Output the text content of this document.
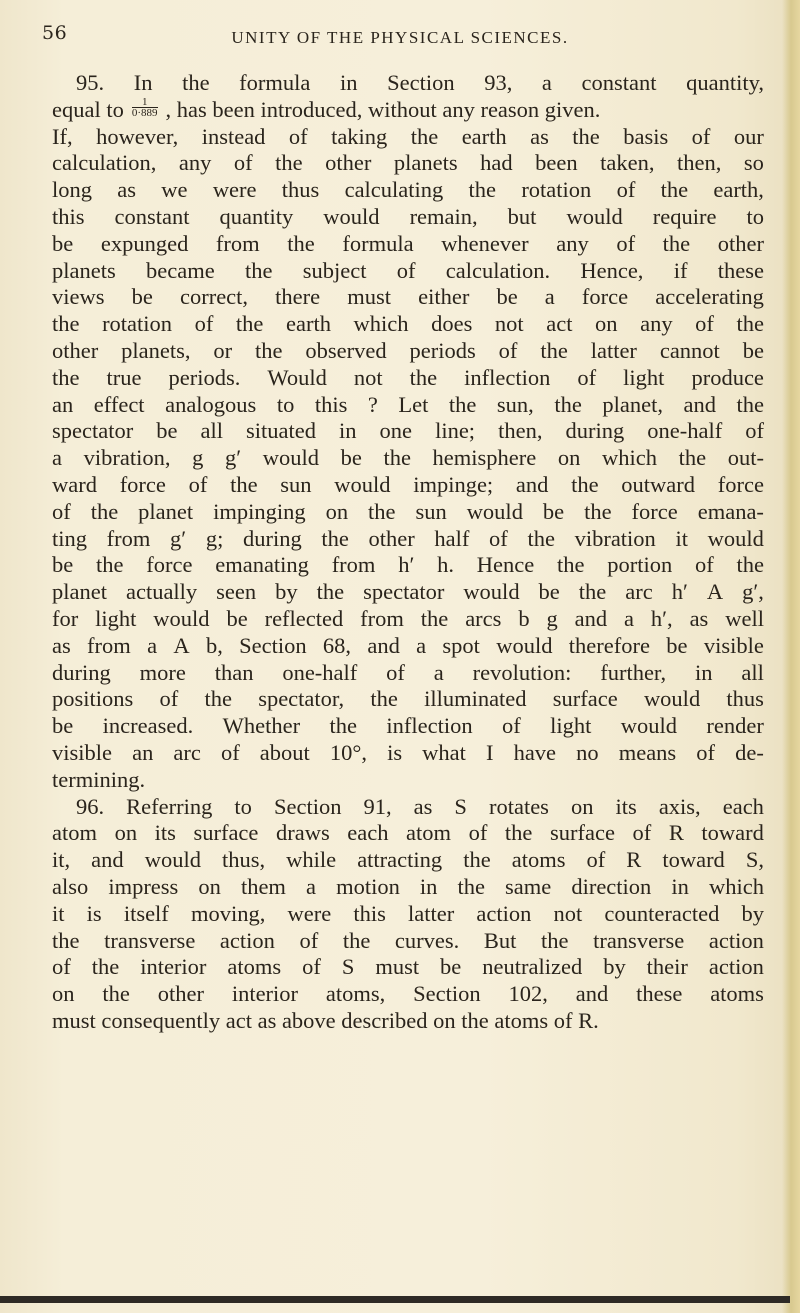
56	UNITY OF THE PHYSICAL SCIENCES.
95. In the formula in Section 93, a constant quantity,
equal to $\frac{1}{0\cdot 889}$ , has been introduced, without any reason given.
If, however, instead of taking the earth as the basis of our
calculation, any of the other planets had been taken, then, so
long as we were thus calculating the rotation of the earth,
this constant quantity would remain, but would require to
be expunged from the formula whenever any of the other
planets became the subject of calculation. Hence, if these
views be correct, there must either be a force accelerating
the rotation of the earth which does not act on any of the
other planets, or the observed periods of the latter cannot be
the true periods. Would not the inflection of light produce
an effect analogous to this ? Let the sun, the planet, and the
spectator be all situated in one line; then, during one-half of
a vibration, g g′ would be the hemisphere on which the out-
ward force of the sun would impinge; and the outward force
of the planet impinging on the sun would be the force emana-
ting from g′ g; during the other half of the vibration it would
be the force emanating from h′ h. Hence the portion of the
planet actually seen by the spectator would be the arc h′ A g′,
for light would be reflected from the arcs b g and a h′, as well
as from a A b, Section 68, and a spot would therefore be visible
during more than one-half of a revolution: further, in all
positions of the spectator, the illuminated surface would thus
be increased. Whether the inflection of light would render
visible an arc of about 10°, is what I have no means of de-
termining.
96. Referring to Section 91, as S rotates on its axis, each
atom on its surface draws each atom of the surface of R toward
it, and would thus, while attracting the atoms of R toward S,
also impress on them a motion in the same direction in which
it is itself moving, were this latter action not counteracted by
the transverse action of the curves. But the transverse action
of the interior atoms of S must be neutralized by their action
on the other interior atoms, Section 102, and these atoms
must consequently act as above described on the atoms of R.
